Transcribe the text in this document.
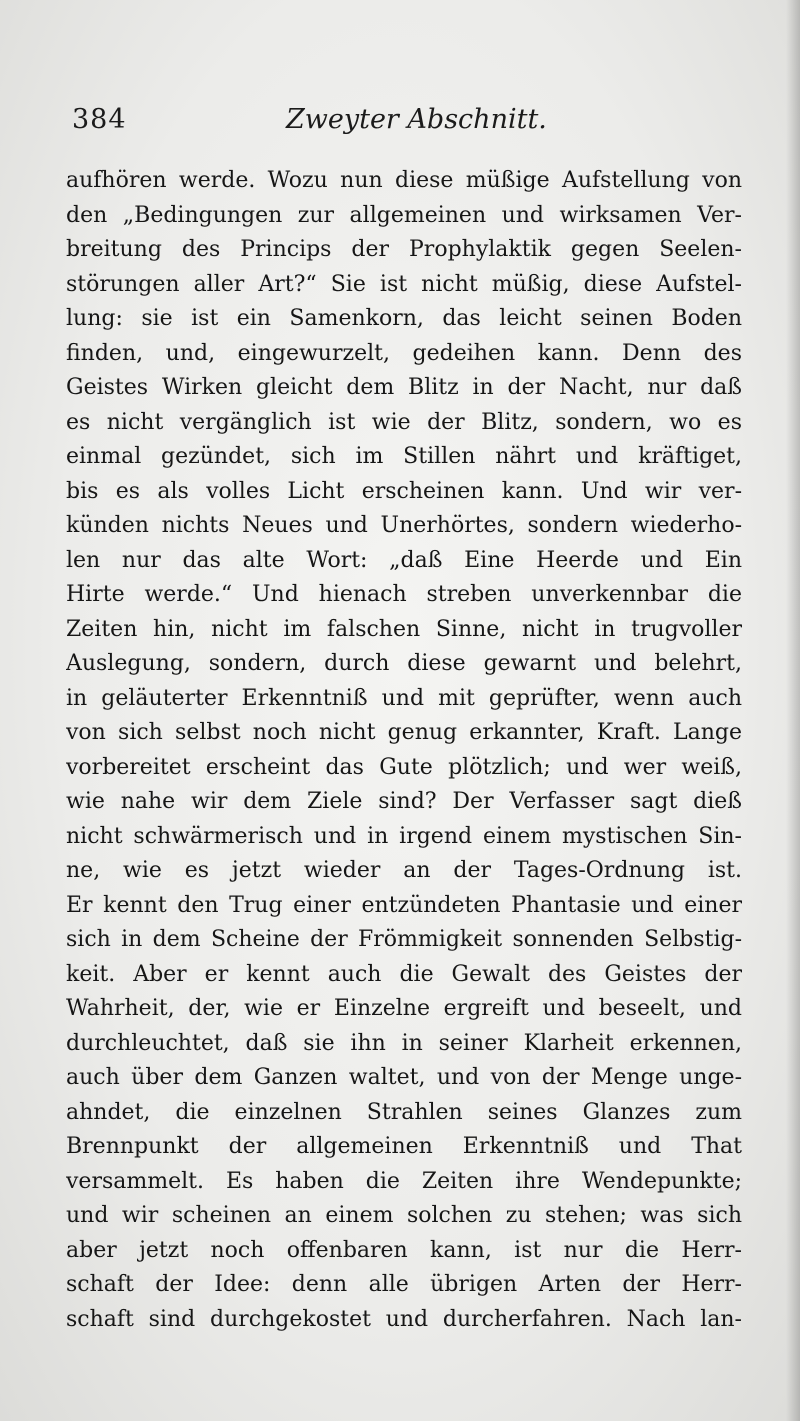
384	Zweyter Abschnitt.
aufhören werde. Wozu nun diese müßige Aufstellung von
den „Bedingungen zur allgemeinen und wirksamen Ver-
breitung des Princips der Prophylaktik gegen Seelen-
störungen aller Art?“ Sie ist nicht müßig, diese Aufstel-
lung: sie ist ein Samenkorn, das leicht seinen Boden
finden, und, eingewurzelt, gedeihen kann. Denn des
Geistes Wirken gleicht dem Blitz in der Nacht, nur daß
es nicht vergänglich ist wie der Blitz, sondern, wo es
einmal gezündet, sich im Stillen nährt und kräftiget,
bis es als volles Licht erscheinen kann. Und wir ver-
künden nichts Neues und Unerhörtes, sondern wiederho-
len nur das alte Wort: „daß Eine Heerde und Ein
Hirte werde.“ Und hienach streben unverkennbar die
Zeiten hin, nicht im falschen Sinne, nicht in trugvoller
Auslegung, sondern, durch diese gewarnt und belehrt,
in geläuterter Erkenntniß und mit geprüfter, wenn auch
von sich selbst noch nicht genug erkannter, Kraft. Lange
vorbereitet erscheint das Gute plötzlich; und wer weiß,
wie nahe wir dem Ziele sind? Der Verfasser sagt dieß
nicht schwärmerisch und in irgend einem mystischen Sin-
ne, wie es jetzt wieder an der Tages-Ordnung ist.
Er kennt den Trug einer entzündeten Phantasie und einer
sich in dem Scheine der Frömmigkeit sonnenden Selbstig-
keit. Aber er kennt auch die Gewalt des Geistes der
Wahrheit, der, wie er Einzelne ergreift und beseelt, und
durchleuchtet, daß sie ihn in seiner Klarheit erkennen,
auch über dem Ganzen waltet, und von der Menge unge-
ahndet, die einzelnen Strahlen seines Glanzes zum
Brennpunkt der allgemeinen Erkenntniß und That
versammelt. Es haben die Zeiten ihre Wendepunkte;
und wir scheinen an einem solchen zu stehen; was sich
aber jetzt noch offenbaren kann, ist nur die Herr-
schaft der Idee: denn alle übrigen Arten der Herr-
schaft sind durchgekostet und durcherfahren. Nach lan-
